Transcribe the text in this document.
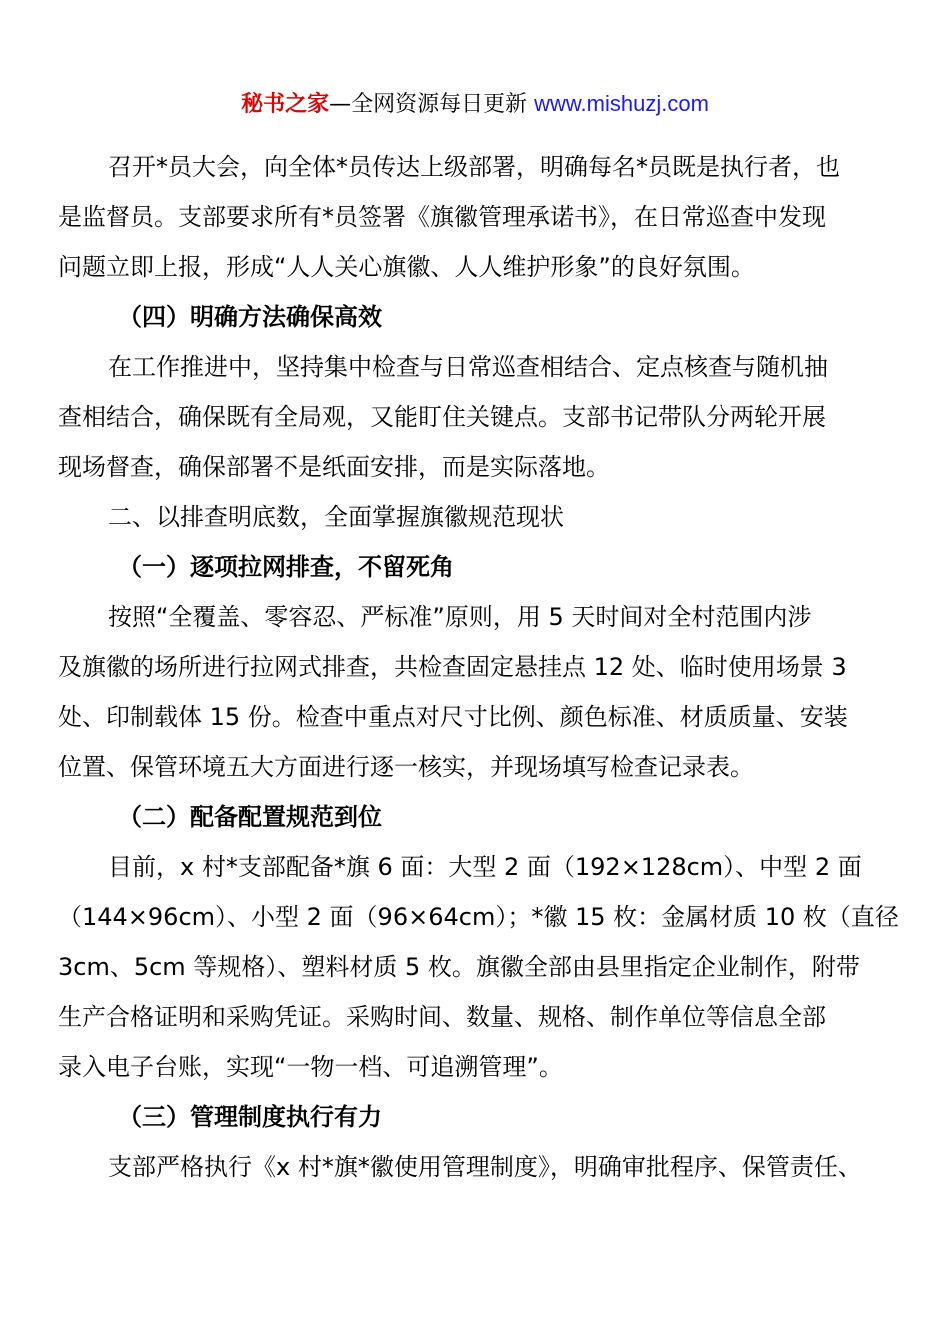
秘书之家—全网资源每日更新 www.mishuzj.com
召开*员大会，向全体*员传达上级部署，明确每名*员既是执行者，也
是监督员。支部要求所有*员签署《旗徽管理承诺书》，在日常巡查中发现
问题立即上报，形成“人人关心旗徽、人人维护形象”的良好氛围。
（四）明确方法确保高效
在工作推进中，坚持集中检查与日常巡查相结合、定点核查与随机抽
查相结合，确保既有全局观，又能盯住关键点。支部书记带队分两轮开展
现场督查，确保部署不是纸面安排，而是实际落地。
二、以排查明底数，全面掌握旗徽规范现状
（一）逐项拉网排查，不留死角
按照“全覆盖、零容忍、严标准”原则，用 5 天时间对全村范围内涉
及旗徽的场所进行拉网式排查，共检查固定悬挂点 12 处、临时使用场景 3
处、印制载体 15 份。检查中重点对尺寸比例、颜色标准、材质质量、安装
位置、保管环境五大方面进行逐一核实，并现场填写检查记录表。
（二）配备配置规范到位
目前，x 村*支部配备*旗 6 面：大型 2 面（192×128cm）、中型 2 面
（144×96cm）、小型 2 面（96×64cm）；*徽 15 枚：金属材质 10 枚（直径
3cm、5cm 等规格）、塑料材质 5 枚。旗徽全部由县里指定企业制作，附带
生产合格证明和采购凭证。采购时间、数量、规格、制作单位等信息全部
录入电子台账，实现“一物一档、可追溯管理”。
（三）管理制度执行有力
支部严格执行《x 村*旗*徽使用管理制度》，明确审批程序、保管责任、
